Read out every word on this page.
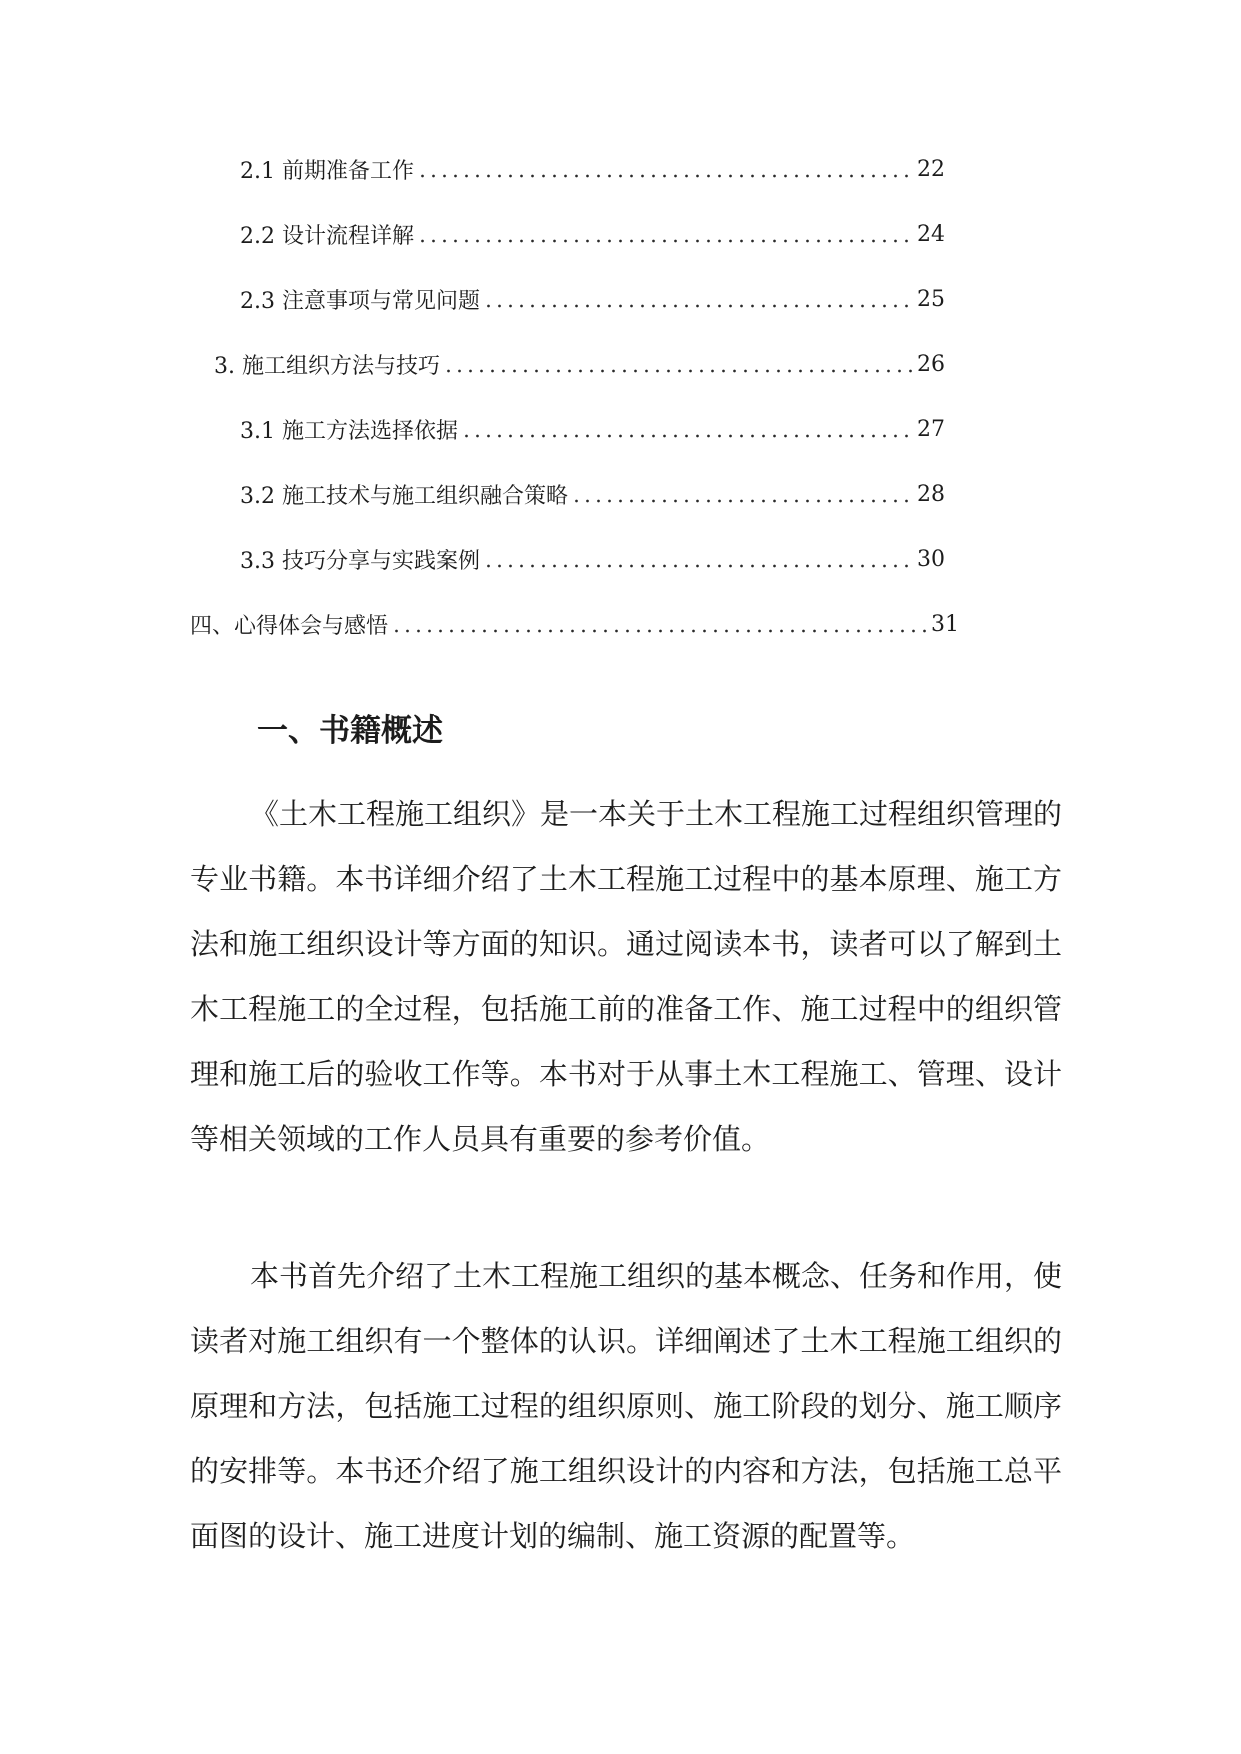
2.1 前期准备工作	22
2.2 设计流程详解	24
2.3 注意事项与常见问题	25
3. 施工组织方法与技巧	26
3.1 施工方法选择依据	27
3.2 施工技术与施工组织融合策略	28
3.3 技巧分享与实践案例	30
四、心得体会与感悟	31
一、书籍概述
《土木工程施工组织》是一本关于土木工程施工过程组织管理的
专业书籍。本书详细介绍了土木工程施工过程中的基本原理、施工方
法和施工组织设计等方面的知识。通过阅读本书，读者可以了解到土
木工程施工的全过程，包括施工前的准备工作、施工过程中的组织管
理和施工后的验收工作等。本书对于从事土木工程施工、管理、设计
等相关领域的工作人员具有重要的参考价值。
本书首先介绍了土木工程施工组织的基本概念、任务和作用，使
读者对施工组织有一个整体的认识。详细阐述了土木工程施工组织的
原理和方法，包括施工过程的组织原则、施工阶段的划分、施工顺序
的安排等。本书还介绍了施工组织设计的内容和方法，包括施工总平
面图的设计、施工进度计划的编制、施工资源的配置等。
